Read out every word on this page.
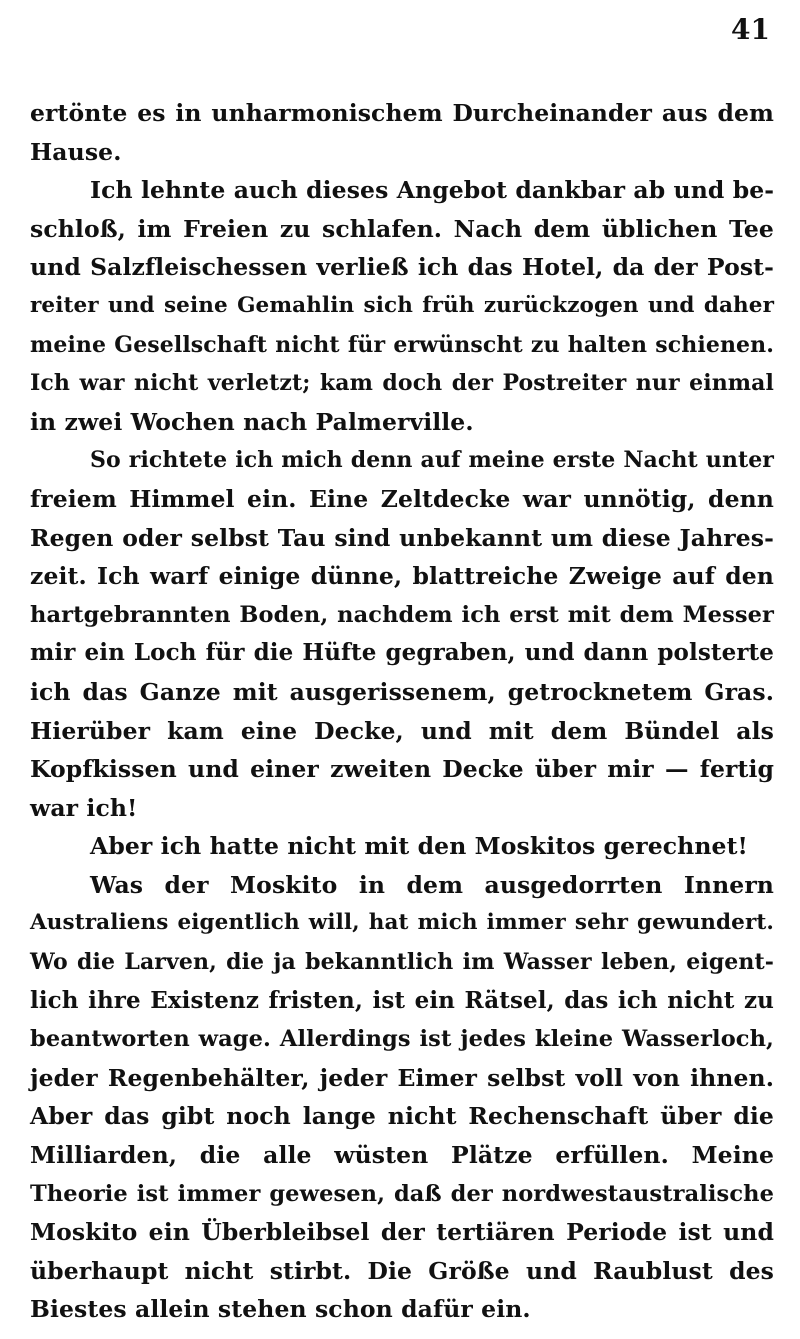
41
ertönte es in unharmonischem Durcheinander aus dem
Hause.
Ich lehnte auch dieses Angebot dankbar ab und be-
schloß, im Freien zu schlafen. Nach dem üblichen Tee
und Salzfleischessen verließ ich das Hotel, da der Post-
reiter und seine Gemahlin sich früh zurückzogen und daher
meine Gesellschaft nicht für erwünscht zu halten schienen.
Ich war nicht verletzt; kam doch der Postreiter nur einmal
in zwei Wochen nach Palmerville.
So richtete ich mich denn auf meine erste Nacht unter
freiem Himmel ein. Eine Zeltdecke war unnötig, denn
Regen oder selbst Tau sind unbekannt um diese Jahres-
zeit. Ich warf einige dünne, blattreiche Zweige auf den
hartgebrannten Boden, nachdem ich erst mit dem Messer
mir ein Loch für die Hüfte gegraben, und dann polsterte
ich das Ganze mit ausgerissenem, getrocknetem Gras.
Hierüber kam eine Decke, und mit dem Bündel als
Kopfkissen und einer zweiten Decke über mir — fertig
war ich!
Aber ich hatte nicht mit den Moskitos gerechnet!
Was der Moskito in dem ausgedorrten Innern
Australiens eigentlich will, hat mich immer sehr gewundert.
Wo die Larven, die ja bekanntlich im Wasser leben, eigent-
lich ihre Existenz fristen, ist ein Rätsel, das ich nicht zu
beantworten wage. Allerdings ist jedes kleine Wasserloch,
jeder Regenbehälter, jeder Eimer selbst voll von ihnen.
Aber das gibt noch lange nicht Rechenschaft über die
Milliarden, die alle wüsten Plätze erfüllen. Meine
Theorie ist immer gewesen, daß der nordwestaustralische
Moskito ein Überbleibsel der tertiären Periode ist und
überhaupt nicht stirbt. Die Größe und Raublust des
Biestes allein stehen schon dafür ein.
